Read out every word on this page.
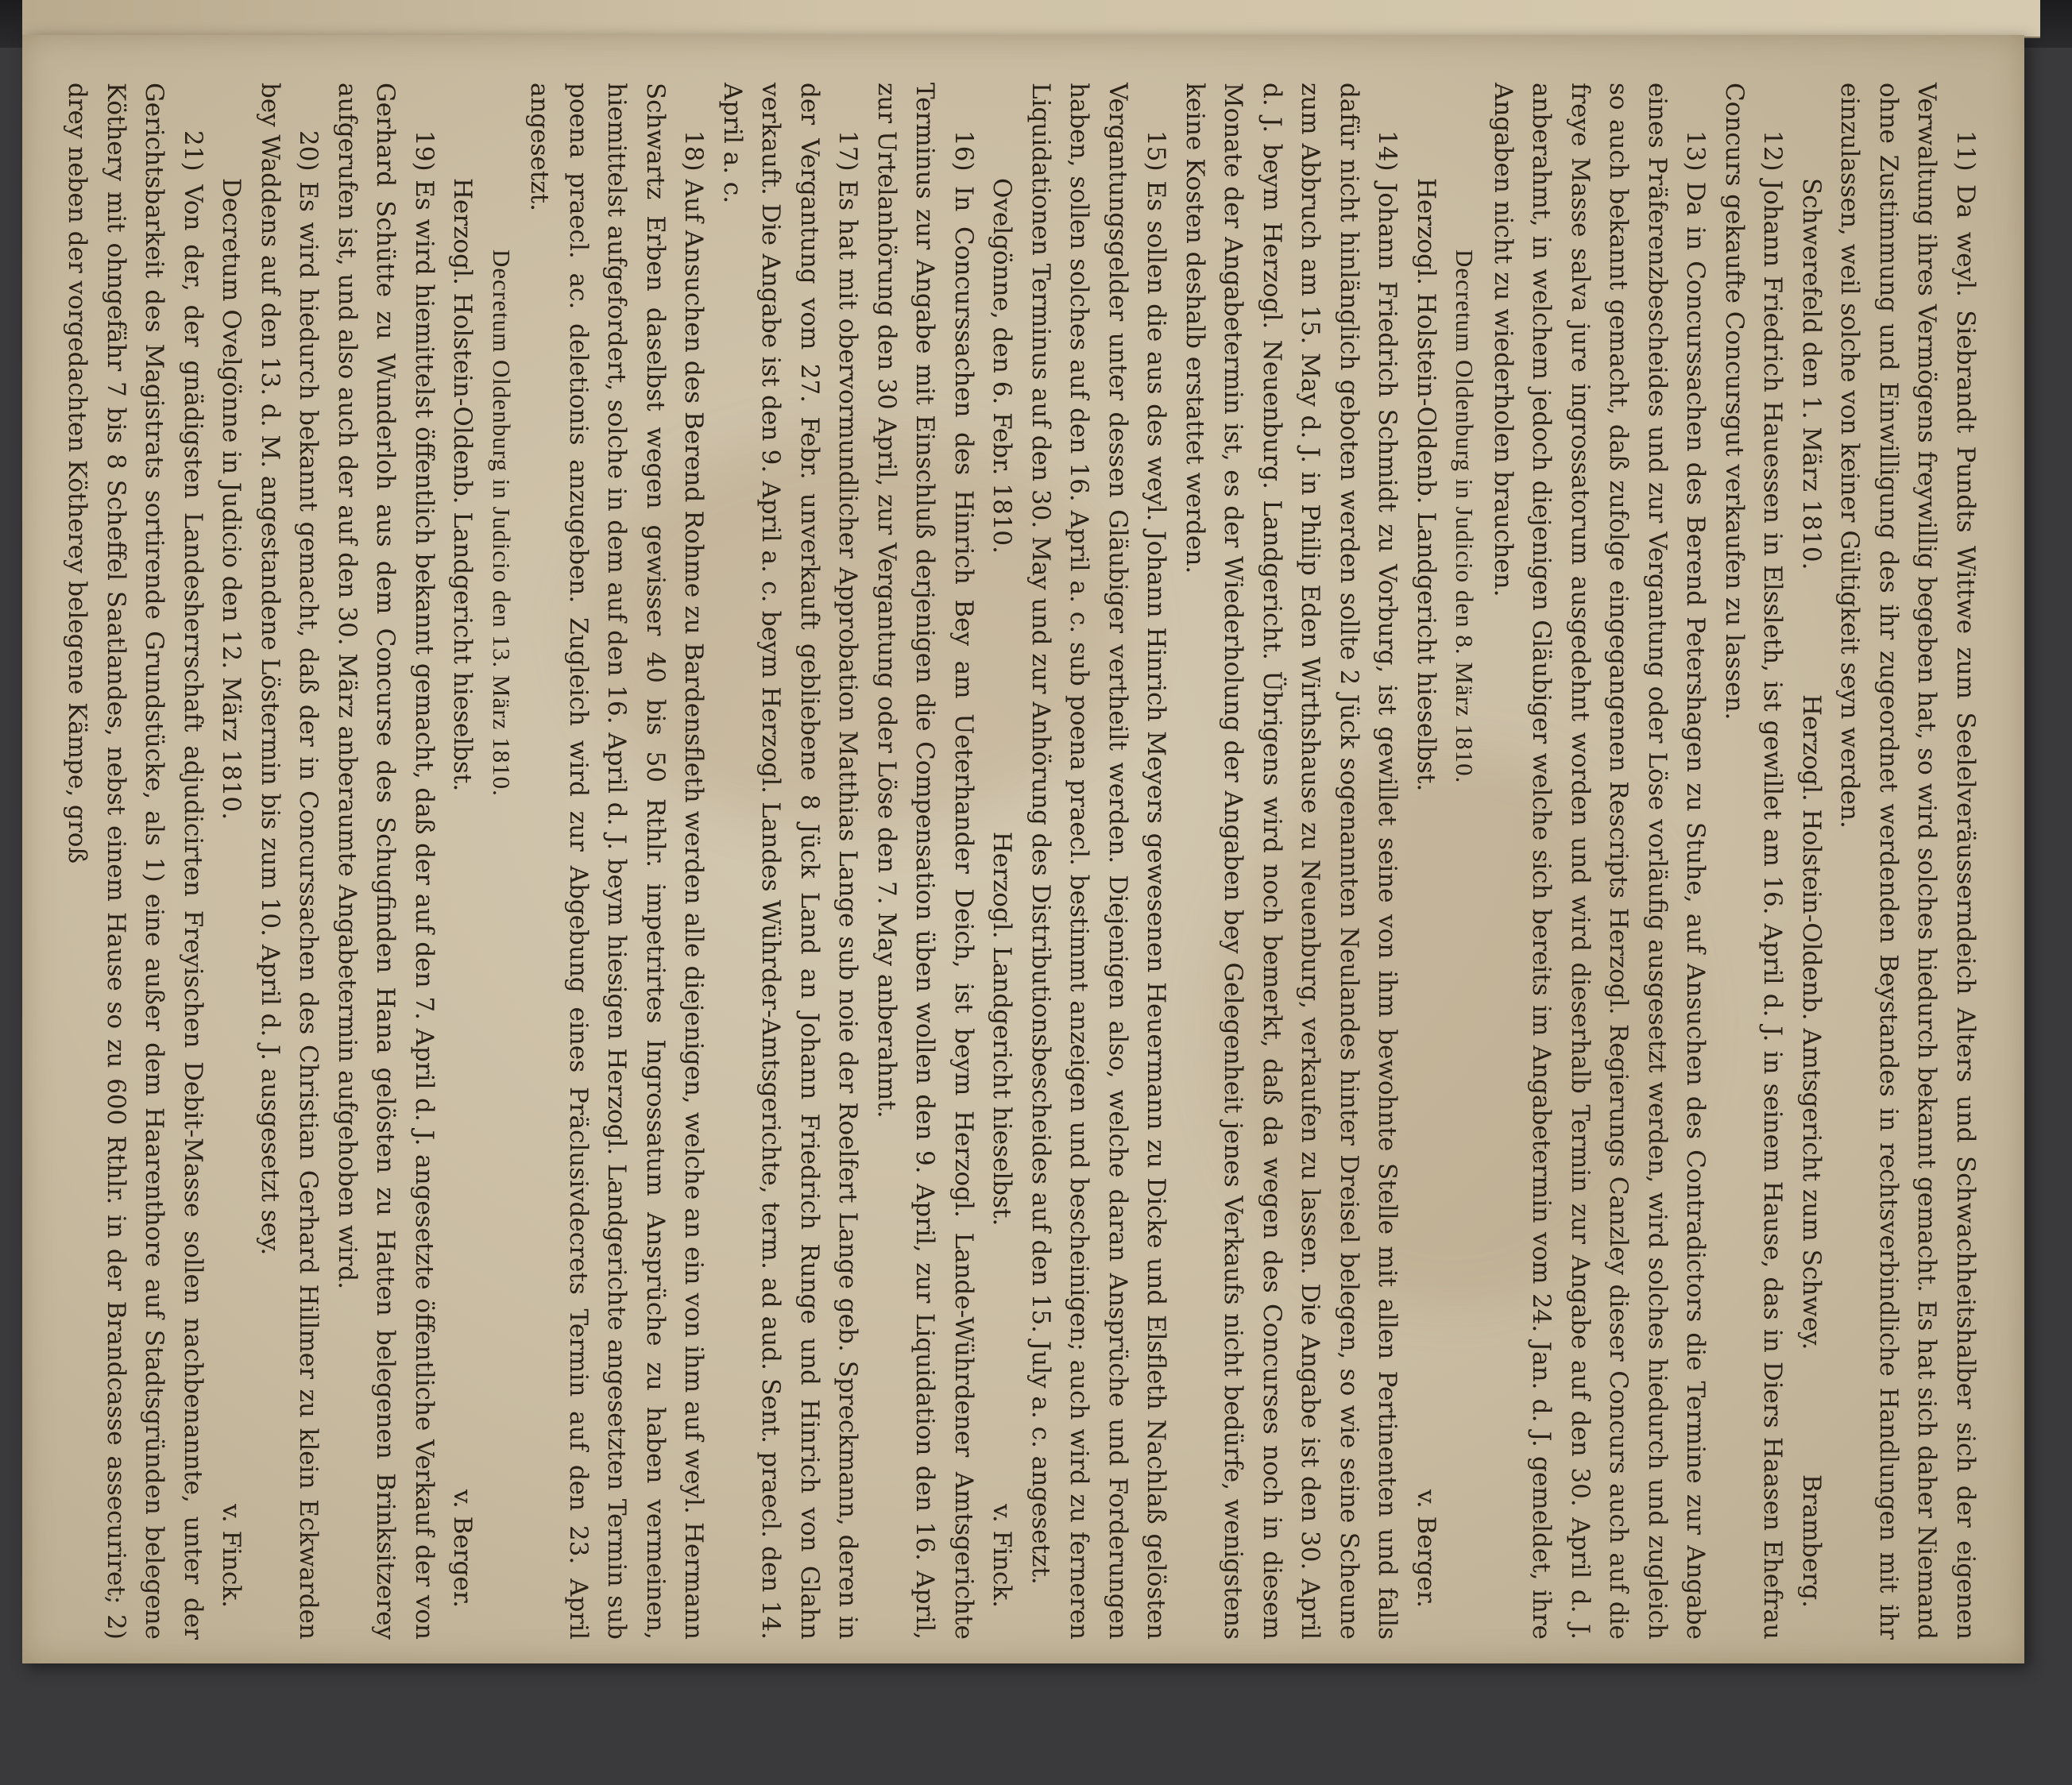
11) Da weyl. Siebrandt Pundts Wittwe zum Seelelveräusserndeich Alters und Schwachheitshalber sich der eigenen Verwaltung ihres Vermögens freywillig begeben hat, so wird solches hiedurch bekannt gemacht. Es hat sich daher Niemand ohne Zustimmung und Einwilligung des ihr zugeordnet werdenden Beystandes in rechtsverbindliche Handlungen mit ihr einzulassen, weil solche von keiner Gültigkeit seyn werden.

Schwerefeld den 1. März 1810.
Herzogl. Holstein-Oldenb. Amtsgericht zum Schwey.
Bramberg.

12) Johann Friedrich Hauessen in Elssleth, ist gewillet am 16. April d. J. in seinem Hause, das in Diers Haasen Ehefrau Concurs gekaufte Concursgut verkaufen zu lassen.

13) Da in Concurssachen des Berend Petershagen zu Stuhe, auf Ansuchen des Contradictors die Termine zur Angabe eines Präferenzbescheides und zur Vergantung oder Löse vorläufig ausgesetzt werden, wird solches hiedurch und zugleich so auch bekannt gemacht, daß zufolge eingegangenen Rescripts Herzogl. Regierungs Canzley dieser Concurs auch auf die freye Masse salva jure ingrossatorum ausgedehnt worden und wird dieserhalb Termin zur Angabe auf den 30. April d. J. anberahmt, in welchem jedoch diejenigen Gläubiger welche sich bereits im Angabetermin vom 24. Jan. d. J. gemeldet, ihre Angaben nicht zu wiederholen brauchen.

Decretum Oldenburg in Judicio den 8. März 1810.

Herzogl. Holstein-Oldenb. Landgericht hieselbst.
v. Berger.

14) Johann Friedrich Schmidt zu Vorburg, ist gewillet seine von ihm bewohnte Stelle mit allen Pertinenten und falls dafür nicht hinlänglich geboten werden sollte 2 Jück sogenannten Neulandes hinter Dreisel belegen, so wie seine Scheune zum Abbruch am 15. May d. J. in Philip Eden Wirthshause zu Neuenburg, verkaufen zu lassen. Die Angabe ist den 30. April d. J. beym Herzogl. Neuenburg. Landgericht. Übrigens wird noch bemerkt, daß da wegen des Concurses noch in diesem Monate der Angabetermin ist, es der Wiederholung der Angaben bey Gelegenheit jenes Verkaufs nicht bedürfe, wenigstens keine Kosten deshalb erstattet werden.

15) Es sollen die aus des weyl. Johann Hinrich Meyers gewesenen Heuermann zu Dicke und Elsfleth Nachlaß gelösten Vergantungsgelder unter dessen Gläubiger vertheilt werden. Diejenigen also, welche daran Ansprüche und Forderungen haben, sollen solches auf den 16. April a. c. sub poena praecl. bestimmt anzeigen und bescheinigen; auch wird zu ferneren Liquidationen Terminus auf den 30. May und zur Anhörung des Distributionsbescheides auf den 15. July a. c. angesetzt.

Ovelgönne, den 6. Febr. 1810.
Herzogl. Landgericht hieselbst.
v. Finck.

16) In Concurssachen des Hinrich Bey am Ueterhander Deich, ist beym Herzogl. Lande-Wührdener Amtsgerichte Terminus zur Angabe mit Einschluß derjenigen die Compensation üben wollen den 9. April, zur Liquidation den 16. April, zur Urtelanhörung den 30 April, zur Vergantung oder Löse den 7. May anberahmt.

17) Es hat mit obervormundlicher Approbation Matthias Lange sub noie der Roelfert Lange geb. Spreckmann, deren in der Vergantung vom 27. Febr. unverkauft gebliebene 8 Jück Land an Johann Friedrich Runge und Hinrich von Glahn verkauft. Die Angabe ist den 9. April a. c. beym Herzogl. Landes Wührder-Amtsgerichte, term. ad aud. Sent. praecl. den 14. April a. c.

18) Auf Ansuchen des Berend Rohme zu Bardensfleth werden alle diejenigen, welche an ein von ihm auf weyl. Hermann Schwartz Erben daselbst wegen gewisser 40 bis 50 Rthlr. impetrirtes Ingrossatum Ansprüche zu haben vermeinen, hiemittelst aufgefordert, solche in dem auf den 16. April d. J. beym hiesigen Herzogl. Landgerichte angesetzten Termin sub poena praecl. ac. deletionis anzugeben. Zugleich wird zur Abgebung eines Präclusivdecrets Termin auf den 23. April angesetzt.

Decretum Oldenburg in Judicio den 13. März 1810.

Herzogl. Holstein-Oldenb. Landgericht hieselbst.
v. Berger.

19) Es wird hiemittelst öffentlich bekannt gemacht, daß der auf den 7. April d. J. angesetzte öffentliche Verkauf der von Gerhard Schütte zu Wunderloh aus dem Concurse des Schugfinden Hana gelösten zu Hatten belegenen Brinksitzerey aufgerufen ist, und also auch der auf den 30. März anberaumte Angabetermin aufgehoben wird.

20) Es wird hiedurch bekannt gemacht, daß der in Concurssachen des Christian Gerhard Hillmer zu klein Eckwarden bey Waddens auf den 13. d. M. angestandene Löstermin bis zum 10. April d. J. ausgesetzt sey.

Decretum Ovelgönne in Judicio den 12. März 1810.
v. Finck.

21) Von der, der gnädigsten Landesherrschaft adjudicirten Freyischen Debit-Masse sollen nachbenannte, unter der Gerichtsbarkeit des Magistrats sortirende Grundstücke, als 1) eine außer dem Haarenthore auf Stadtsgründen belegene Köthery mit ohngefähr 7 bis 8 Scheffel Saatlandes, nebst einem Hause so zu 600 Rthlr. in der Brandcasse assecuriret; 2) drey neben der vorgedachten Kötherey belegene Kämpe, groß
